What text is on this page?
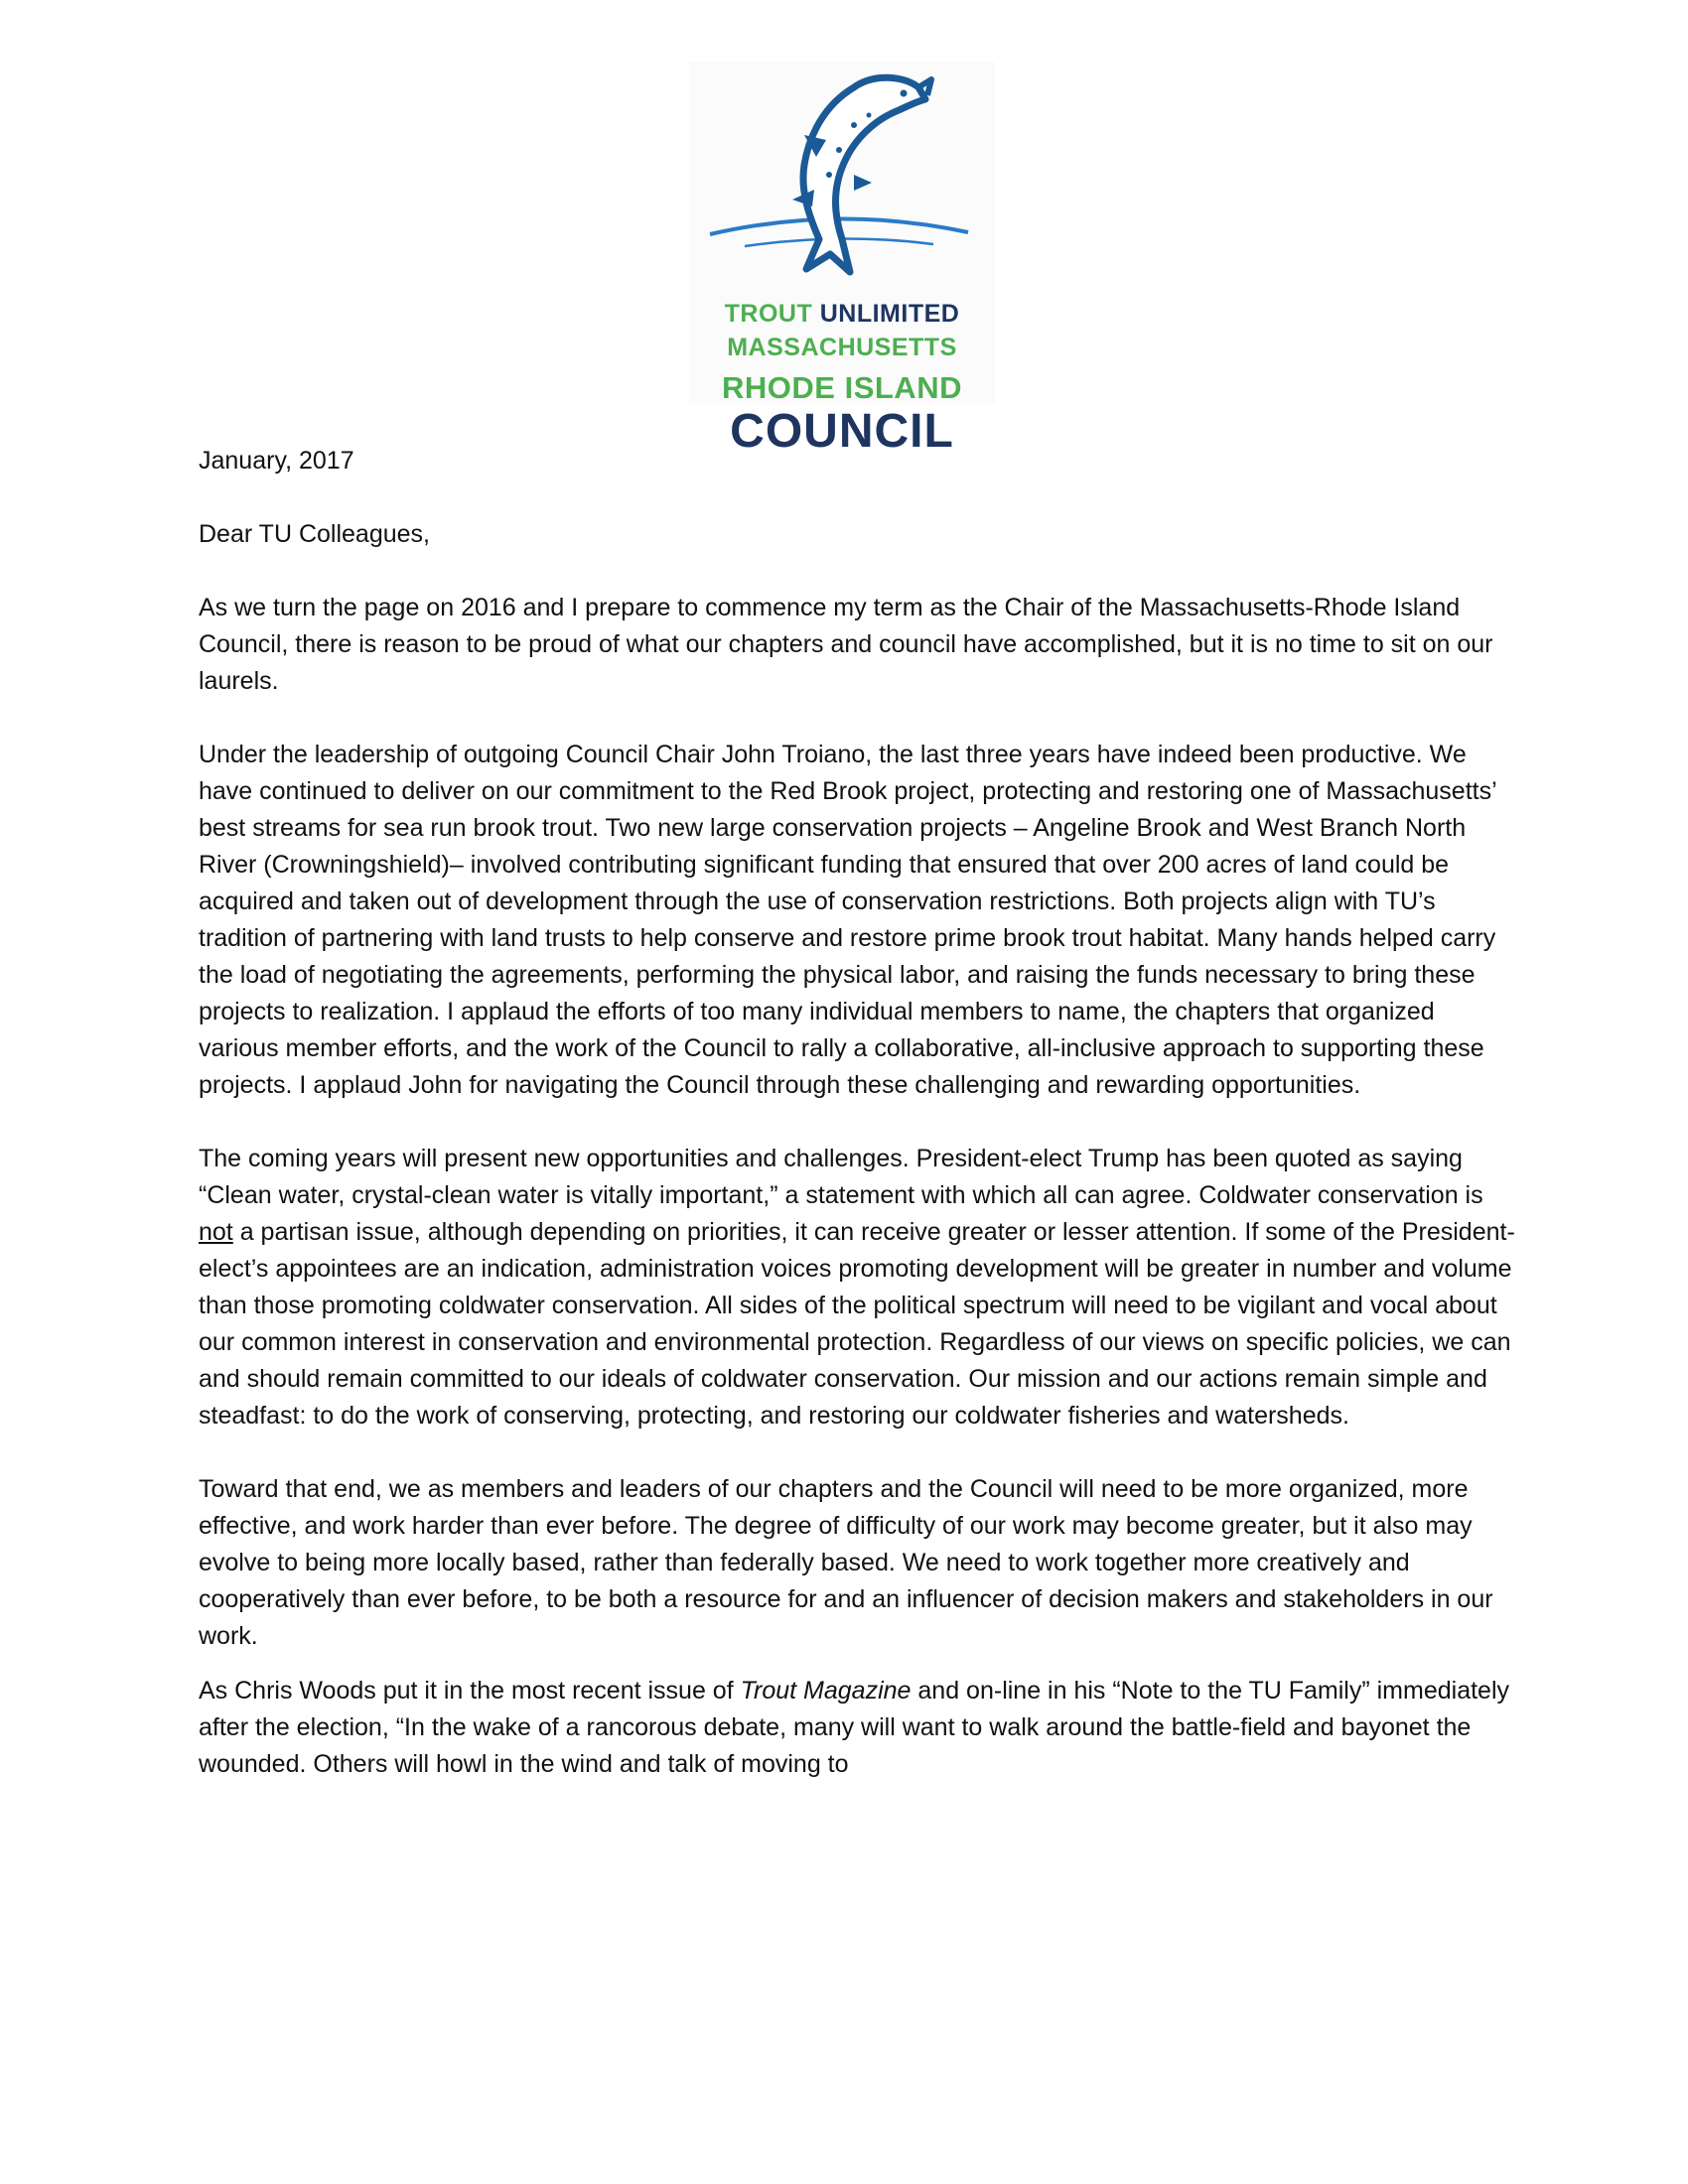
TROUT UNLIMITED
MASSACHUSETTS
RHODE ISLAND
COUNCIL

January, 2017

Dear TU Colleagues,

As we turn the page on 2016 and I prepare to commence my term as the Chair of the Massachusetts-Rhode Island Council, there is reason to be proud of what our chapters and council have accomplished, but it is no time to sit on our laurels.

Under the leadership of outgoing Council Chair John Troiano, the last three years have indeed been productive. We have continued to deliver on our commitment to the Red Brook project, protecting and restoring one of Massachusetts’ best streams for sea run brook trout. Two new large conservation projects – Angeline Brook and West Branch North River (Crowningshield)– involved contributing significant funding that ensured that over 200 acres of land could be acquired and taken out of development through the use of conservation restrictions. Both projects align with TU’s tradition of partnering with land trusts to help conserve and restore prime brook trout habitat. Many hands helped carry the load of negotiating the agreements, performing the physical labor, and raising the funds necessary to bring these projects to realization. I applaud the efforts of too many individual members to name, the chapters that organized various member efforts, and the work of the Council to rally a collaborative, all-inclusive approach to supporting these projects. I applaud John for navigating the Council through these challenging and rewarding opportunities.

The coming years will present new opportunities and challenges. President-elect Trump has been quoted as saying “Clean water, crystal-clean water is vitally important,” a statement with which all can agree. Coldwater conservation is not a partisan issue, although depending on priorities, it can receive greater or lesser attention. If some of the President-elect’s appointees are an indication, administration voices promoting development will be greater in number and volume than those promoting coldwater conservation. All sides of the political spectrum will need to be vigilant and vocal about our common interest in conservation and environmental protection. Regardless of our views on specific policies, we can and should remain committed to our ideals of coldwater conservation. Our mission and our actions remain simple and steadfast: to do the work of conserving, protecting, and restoring our coldwater fisheries and watersheds.

Toward that end, we as members and leaders of our chapters and the Council will need to be more organized, more effective, and work harder than ever before. The degree of difficulty of our work may become greater, but it also may evolve to being more locally based, rather than federally based. We need to work together more creatively and cooperatively than ever before, to be both a resource for and an influencer of decision makers and stakeholders in our work.

As Chris Woods put it in the most recent issue of Trout Magazine and on-line in his “Note to the TU Family” immediately after the election, “In the wake of a rancorous debate, many will want to walk around the battle-field and bayonet the wounded. Others will howl in the wind and talk of moving to
